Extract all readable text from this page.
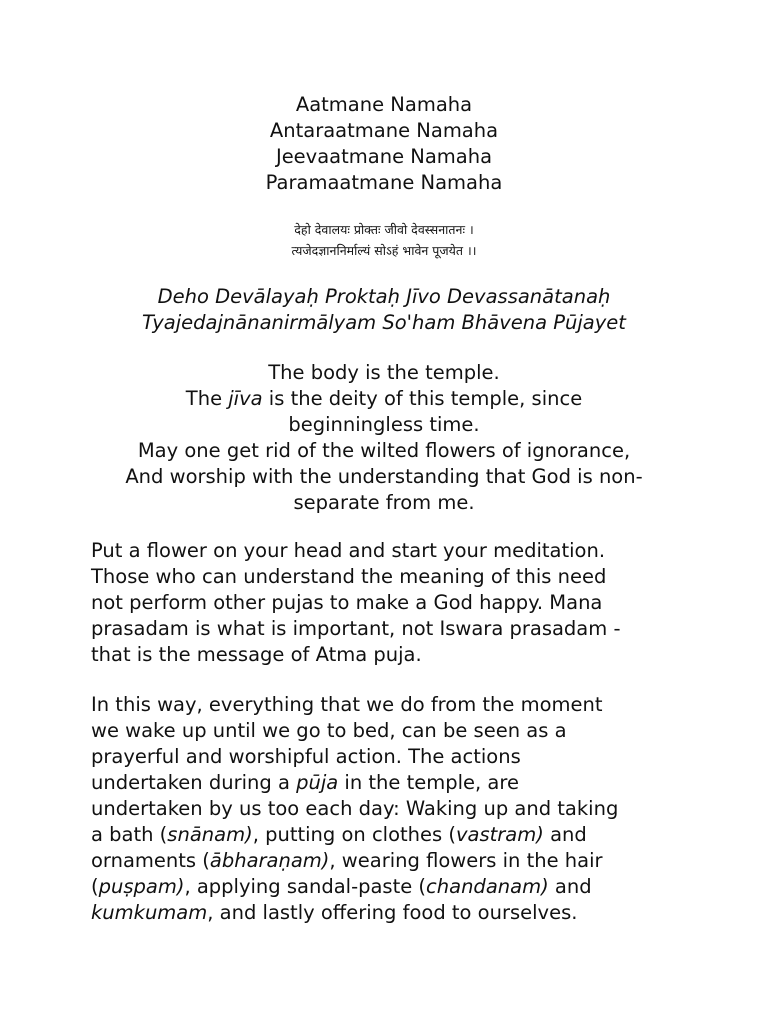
Aatmane Namaha
Antaraatmane Namaha
Jeevaatmane Namaha
Paramaatmane Namaha
देहो देवालयः प्रोक्तः जीवो देवस्सनातनः ।
त्यजेदज्ञाननिर्माल्यं सोऽहं भावेन पूजयेत ।।
Deho Devālayaḥ Proktaḥ Jīvo Devassanātanaḥ
Tyajedajnānanirmālyam So'ham Bhāvena Pūjayet
The body is the temple.
The jīva is the deity of this temple, since
beginningless time.
May one get rid of the wilted flowers of ignorance,
And worship with the understanding that God is non-
separate from me.
Put a flower on your head and start your meditation.
Those who can understand the meaning of this need
not perform other pujas to make a God happy. Mana
prasadam is what is important, not Iswara prasadam -
that is the message of Atma puja.
In this way, everything that we do from the moment
we wake up until we go to bed, can be seen as a
prayerful and worshipful action. The actions
undertaken during a pūja in the temple, are
undertaken by us too each day: Waking up and taking
a bath (snānam), putting on clothes (vastram) and
ornaments (ābharaṇam), wearing flowers in the hair
(puṣpam), applying sandal-paste (chandanam) and
kumkumam, and lastly offering food to ourselves.
